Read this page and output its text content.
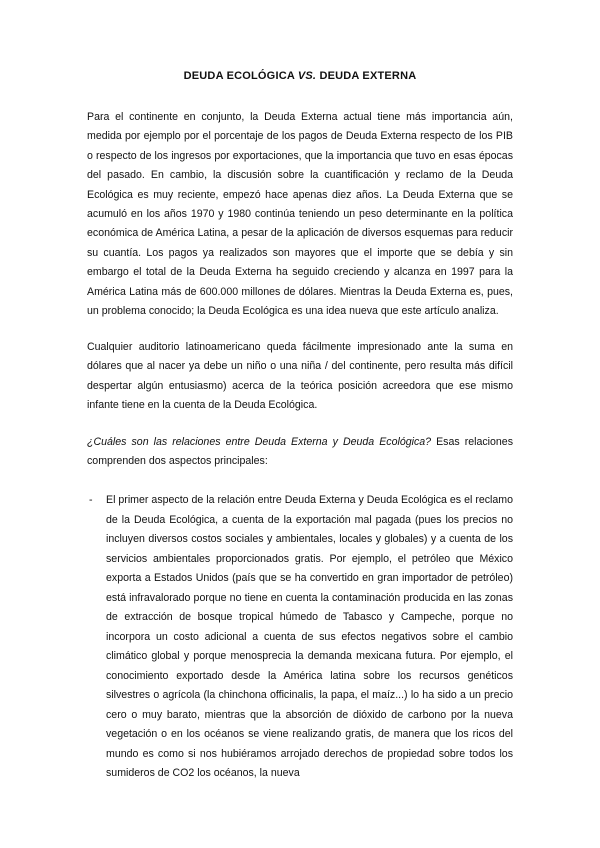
DEUDA ECOLÓGICA VS. DEUDA EXTERNA

Para el continente en conjunto, la Deuda Externa actual tiene más importancia aún, medida por ejemplo por el porcentaje de los pagos de Deuda Externa respecto de los PIB o respecto de los ingresos por exportaciones, que la importancia que tuvo en esas épocas del pasado. En cambio, la discusión sobre la cuantificación y reclamo de la Deuda Ecológica es muy reciente, empezó hace apenas diez años. La Deuda Externa que se acumuló en los años 1970 y 1980 continúa teniendo un peso determinante en la política económica de América Latina, a pesar de la aplicación de diversos esquemas para reducir su cuantía. Los pagos ya realizados son mayores que el importe que se debía y sin embargo el total de la Deuda Externa ha seguido creciendo y alcanza en 1997 para la América Latina más de 600.000 millones de dólares. Mientras la Deuda Externa es, pues, un problema conocido; la Deuda Ecológica es una idea nueva que este artículo analiza.

Cualquier auditorio latinoamericano queda fácilmente impresionado ante la suma en dólares que al nacer ya debe un niño o una niña / del continente, pero resulta más difícil despertar algún entusiasmo) acerca de la teórica posición acreedora que ese mismo infante tiene en la cuenta de la Deuda Ecológica.

¿Cuáles son las relaciones entre Deuda Externa y Deuda Ecológica? Esas relaciones comprenden dos aspectos principales:

- El primer aspecto de la relación entre Deuda Externa y Deuda Ecológica es el reclamo de la Deuda Ecológica, a cuenta de la exportación mal pagada (pues los precios no incluyen diversos costos sociales y ambientales, locales y globales) y a cuenta de los servicios ambientales proporcionados gratis. Por ejemplo, el petróleo que México exporta a Estados Unidos (país que se ha convertido en gran importador de petróleo) está infravalorado porque no tiene en cuenta la contaminación producida en las zonas de extracción de bosque tropical húmedo de Tabasco y Campeche, porque no incorpora un costo adicional a cuenta de sus efectos negativos sobre el cambio climático global y porque menosprecia la demanda mexicana futura. Por ejemplo, el conocimiento exportado desde la América latina sobre los recursos genéticos silvestres o agrícola (la chinchona officinalis, la papa, el maíz...) lo ha sido a un precio cero o muy barato, mientras que la absorción de dióxido de carbono por la nueva vegetación o en los océanos se viene realizando gratis, de manera que los ricos del mundo es como si nos hubiéramos arrojado derechos de propiedad sobre todos los sumideros de CO2 los océanos, la nueva
